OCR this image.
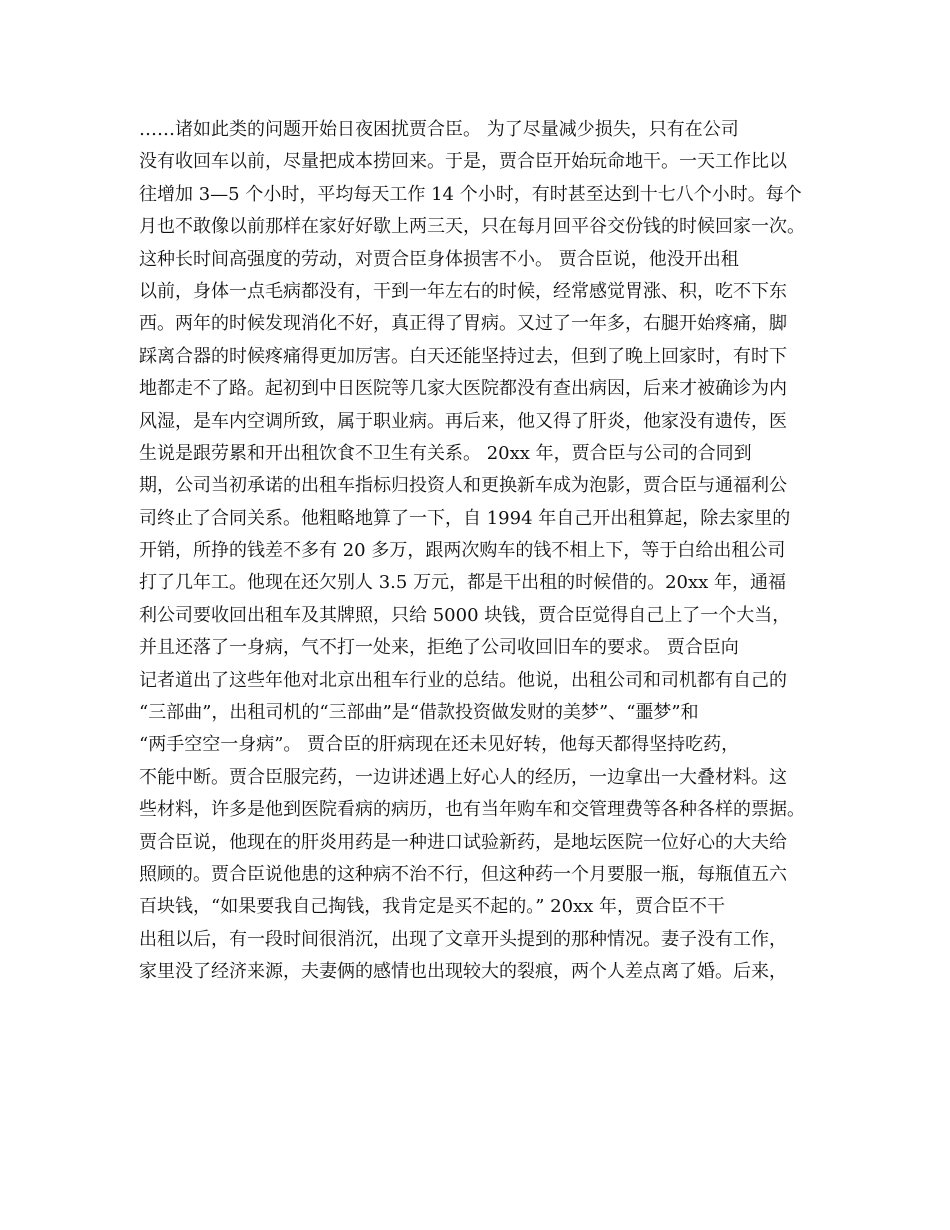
……诸如此类的问题开始日夜困扰贾合臣。 为了尽量减少损失，只有在公司
没有收回车以前，尽量把成本捞回来。于是，贾合臣开始玩命地干。一天工作比以
往增加 3—5 个小时，平均每天工作 14 个小时，有时甚至达到十七八个小时。每个
月也不敢像以前那样在家好好歇上两三天，只在每月回平谷交份钱的时候回家一次。
这种长时间高强度的劳动，对贾合臣身体损害不小。 贾合臣说，他没开出租
以前，身体一点毛病都没有，干到一年左右的时候，经常感觉胃涨、积，吃不下东
西。两年的时候发现消化不好，真正得了胃病。又过了一年多，右腿开始疼痛，脚
踩离合器的时候疼痛得更加厉害。白天还能坚持过去，但到了晚上回家时，有时下
地都走不了路。起初到中日医院等几家大医院都没有查出病因，后来才被确诊为内
风湿，是车内空调所致，属于职业病。再后来，他又得了肝炎，他家没有遗传，医
生说是跟劳累和开出租饮食不卫生有关系。 20xx 年，贾合臣与公司的合同到
期，公司当初承诺的出租车指标归投资人和更换新车成为泡影，贾合臣与通福利公
司终止了合同关系。他粗略地算了一下，自 1994 年自己开出租算起，除去家里的
开销，所挣的钱差不多有 20 多万，跟两次购车的钱不相上下，等于白给出租公司
打了几年工。他现在还欠别人 3.5 万元，都是干出租的时候借的。20xx 年，通福
利公司要收回出租车及其牌照，只给 5000 块钱，贾合臣觉得自己上了一个大当，
并且还落了一身病，气不打一处来，拒绝了公司收回旧车的要求。 贾合臣向
记者道出了这些年他对北京出租车行业的总结。他说，出租公司和司机都有自己的
“三部曲”，出租司机的“三部曲”是“借款投资做发财的美梦”、“噩梦”和
“两手空空一身病”。 贾合臣的肝病现在还未见好转，他每天都得坚持吃药，
不能中断。贾合臣服完药，一边讲述遇上好心人的经历，一边拿出一大叠材料。这
些材料，许多是他到医院看病的病历，也有当年购车和交管理费等各种各样的票据。
贾合臣说，他现在的肝炎用药是一种进口试验新药，是地坛医院一位好心的大夫给
照顾的。贾合臣说他患的这种病不治不行，但这种药一个月要服一瓶，每瓶值五六
百块钱，“如果要我自己掏钱，我肯定是买不起的。” 20xx 年，贾合臣不干
出租以后，有一段时间很消沉，出现了文章开头提到的那种情况。妻子没有工作，
家里没了经济来源，夫妻俩的感情也出现较大的裂痕，两个人差点离了婚。后来，
